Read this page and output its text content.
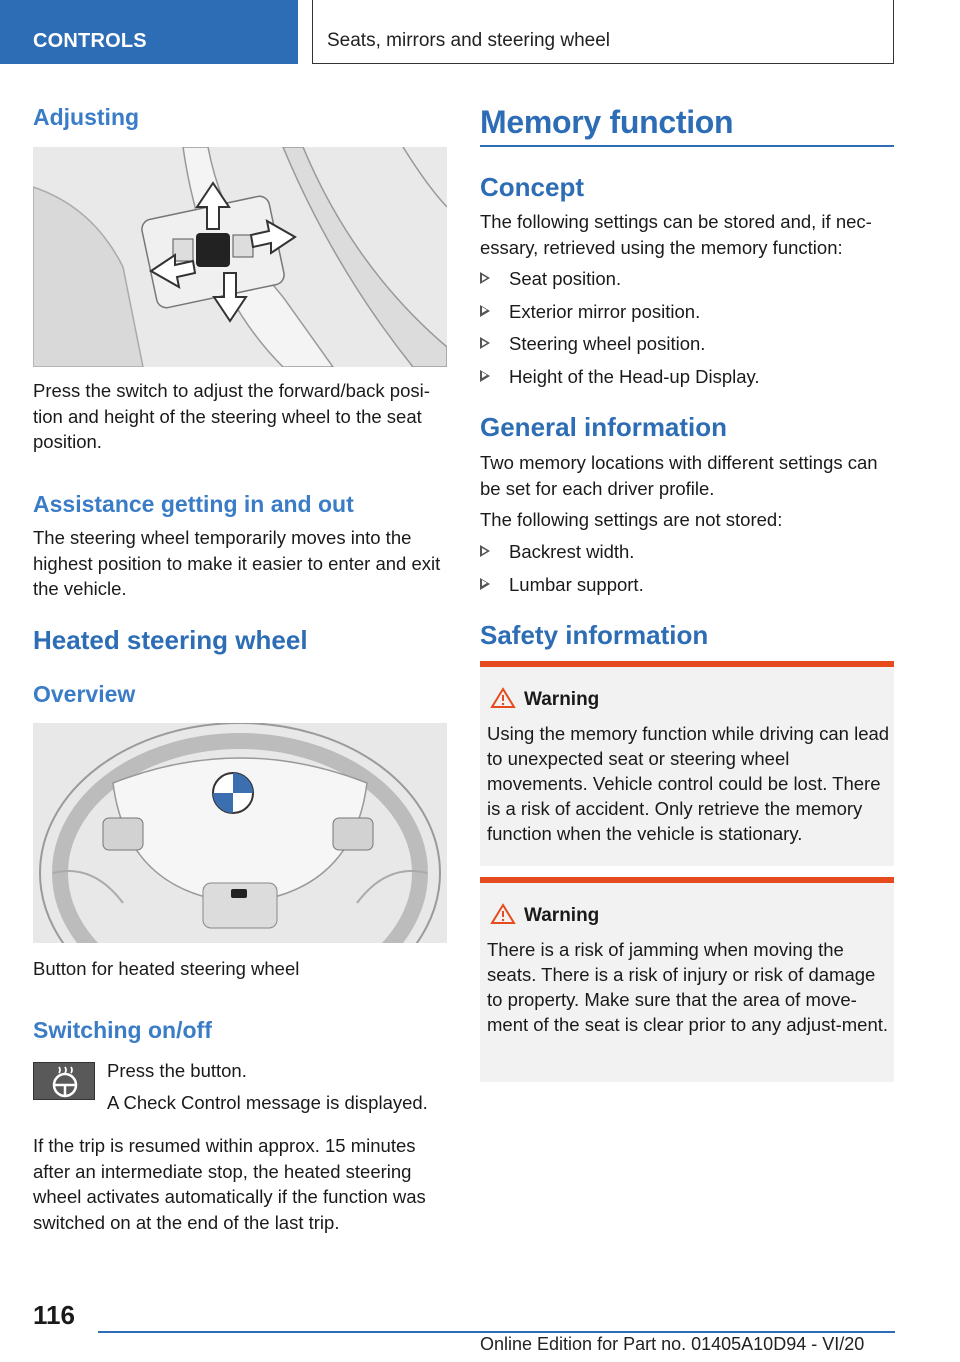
CONTROLS	Seats, mirrors and steering wheel
Adjusting
Press the switch to adjust the forward/back posi-tion and height of the steering wheel to the seat position.
Assistance getting in and out
The steering wheel temporarily moves into the highest position to make it easier to enter and exit the vehicle.
Heated steering wheel
Overview
Button for heated steering wheel
Switching on/off
Press the button.
A Check Control message is displayed.
If the trip is resumed within approx. 15 minutes after an intermediate stop, the heated steering wheel activates automatically if the function was switched on at the end of the last trip.
Memory function
Concept
The following settings can be stored and, if nec-essary, retrieved using the memory function:
Seat position.
Exterior mirror position.
Steering wheel position.
Height of the Head-up Display.
General information
Two memory locations with different settings can be set for each driver profile.
The following settings are not stored:
Backrest width.
Lumbar support.
Safety information
Warning
Using the memory function while driving can lead to unexpected seat or steering wheel movements. Vehicle control could be lost. There is a risk of accident. Only retrieve the memory function when the vehicle is stationary.
Warning
There is a risk of jamming when moving the seats. There is a risk of injury or risk of damage to property. Make sure that the area of move-ment of the seat is clear prior to any adjust-ment.
116
Online Edition for Part no. 01405A10D94 - VI/20
